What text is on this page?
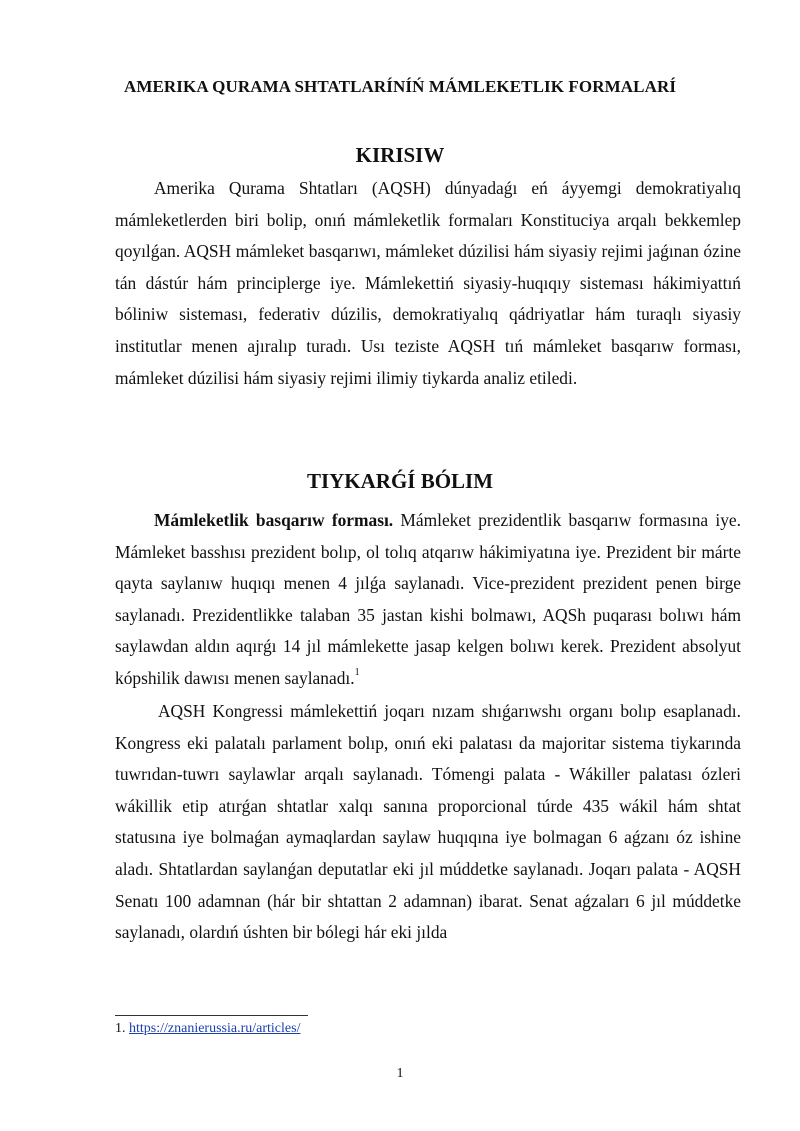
AMERIKA QURAMA SHTATLARÍNÍŃ MÁMLEKETLIK FORMALARÍ
KIRISIW

Amerika Qurama Shtatları (AQSH) dúnyadaǵı eń áyyemgi demokratiyalıq mámleketlerden biri bolip, onıń mámleketlik formaları Konstituciya arqalı bekkemlep qoyılǵan. AQSH mámleket basqarıwı, mámleket dúzilisi hám siyasiy rejimi jaǵınan ózine tán dástúr hám principlerge iye. Mámlekettiń siyasiy-huqıqıy sisteması hákimiyattıń bóliniw sisteması, federativ dúzilis, demokratiyalıq qádriyatlar hám turaqlı siyasiy institutlar menen ajıralıp turadı. Usı teziste AQSH tıń mámleket basqarıw forması, mámleket dúzilisi hám siyasiy rejimi ilimiy tiykarda analiz etiledi.

TIYKARǴÍ BÓLIM

Mámleketlik basqarıw forması. Mámleket prezidentlik basqarıw formasına iye. Mámleket basshısı prezident bolıp, ol tolıq atqarıw hákimiyatına iye. Prezident bir márte qayta saylanıw huqıqı menen 4 jılǵa saylanadı. Vice-prezident prezident penen birge saylanadı. Prezidentlikke talaban 35 jastan kishi bolmawı, AQSh puqarası bolıwı hám saylawdan aldın aqırǵı 14 jıl mámlekette jasap kelgen bolıwı kerek. Prezident absolyut kópshilik dawısı menen saylanadı.$^1$

AQSH Kongressi mámlekettiń joqarı nızam shıǵarıwshı organı bolıp esaplanadı. Kongress eki palatalı parlament bolıp, onıń eki palatası da majoritar sistema tiykarında tuwrıdan-tuwrı saylawlar arqalı saylanadı. Tómengi palata - Wákiller palatası ózleri wákillik etip atırǵan shtatlar xalqı sanına proporcional túrde 435 wákil hám shtat statusına iye bolmaǵan aymaqlardan saylaw huqıqına iye bolmagan 6 aǵzanı óz ishine aladı. Shtatlardan saylanǵan deputatlar eki jıl múddetke saylanadı. Joqarı palata - AQSH Senatı 100 adamnan (hár bir shtattan 2 adamnan) ibarat. Senat aǵzaları 6 jıl múddetke saylanadı, olardıń úshten bir bólegi hár eki jılda

1. https://znanierussia.ru/articles/

1
